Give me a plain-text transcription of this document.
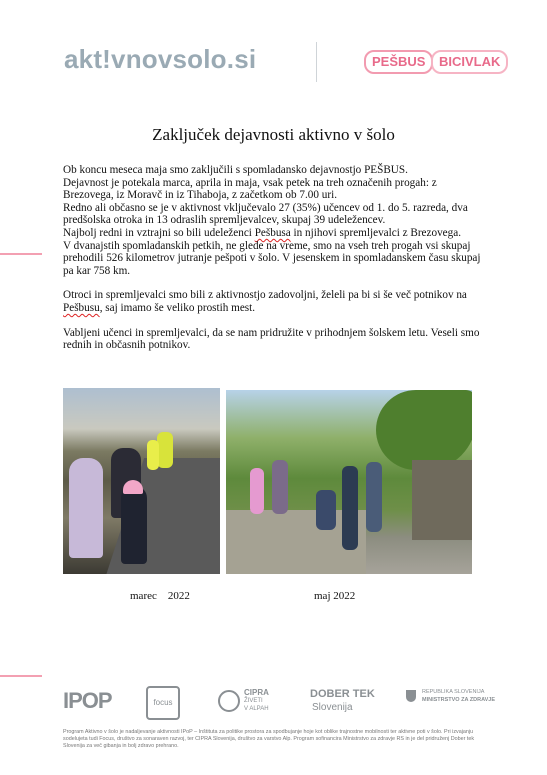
akt!vnovsolo.si	PEŠBUS	BICIVLAK
Zaključek dejavnosti aktivno v šolo

Ob koncu meseca maja smo zaključili s spomladansko dejavnostjo PEŠBUS.

Dejavnost je potekala marca, aprila in maja, vsak petek na treh označenih progah: z Brezovega, iz Moravč in iz Tihaboja, z začetkom ob 7.00 uri.

Redno ali občasno se je v aktivnost vključevalo 27 (35%) učencev od 1. do 5. razreda, dva predšolska otroka in 13 odraslih spremljevalcev, skupaj 39 udeležencev.

Najbolj redni in vztrajni so bili udeleženci Pešbusa in njihovi spremljevalci z Brezovega.

V dvanajstih spomladanskih petkih, ne glede na vreme, smo na vseh treh progah vsi skupaj prehodili 526 kilometrov jutranje pešpoti v šolo. V jesenskem in spomladanskem času skupaj pa kar 758 km.

Otroci in spremljevalci smo bili z aktivnostjo zadovoljni, želeli pa bi si še več potnikov na Pešbusu, saj imamo še veliko prostih mest.

Vabljeni učenci in spremljevalci, da se nam pridružite v prihodnjem šolskem letu. Veseli smo rednih in občasnih potnikov.

marec    2022	maj 2022
IPOP	focus
CIPRA
ŽIVETI
V ALPAH
DOBER TEK
Slovenija
REPUBLIKA SLOVENIJA
MINISTRSTVO ZA ZDRAVJE
Program Aktivno v šolo je nadaljevanje aktivnosti IPoP – Inštituta za politike prostora za spodbujanje hoje kot oblike trajnostne mobilnosti ter aktivne poti v šolo. Pri izvajanju sodelujeta tudi Focus, društvo za sonaraven razvoj, ter CIPRA Slovenija, društvo za varstvo Alp. Program sofinancira Ministrstvo za zdravje RS in je del pridruženj Dober tek Slovenija za več gibanja in bolj zdravo prehrano.
